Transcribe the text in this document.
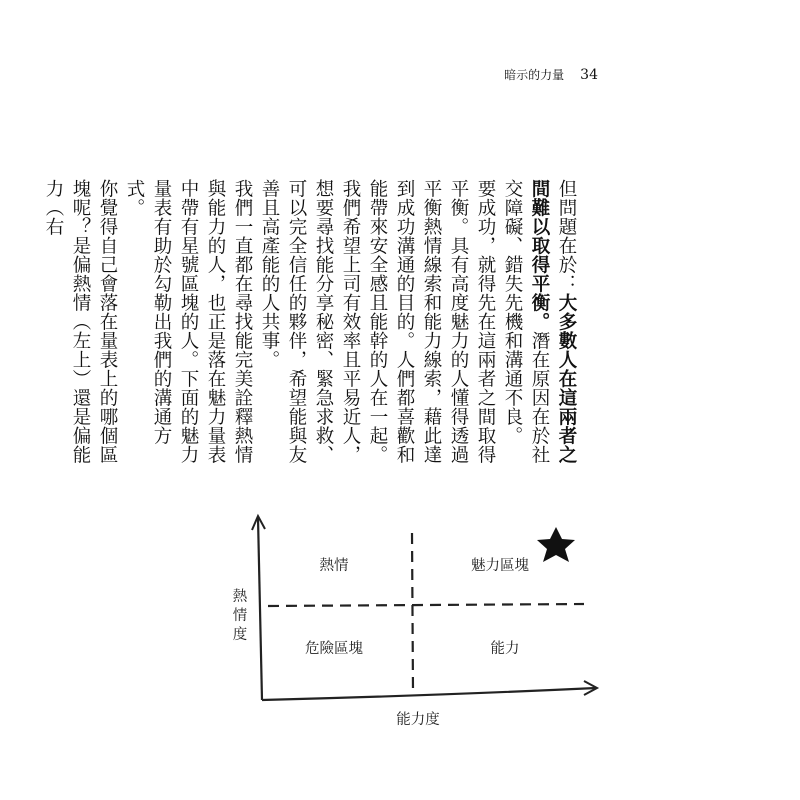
暗示的力量 34

但問題在於：大多數人在這兩者之間難以取得平衡。潛在原因在於社交障礙、錯失先機和溝通不良。

要成功，就得先在這兩者之間取得平衡。具有高度魅力的人懂得透過平衡熱情線索和能力線索，藉此達到成功溝通的目的。人們都喜歡和能帶來安全感且能幹的人在一起。我們希望上司有效率且平易近人，想要尋找能分享秘密、緊急求救、可以完全信任的夥伴，希望能與友善且高產能的人共事。

我們一直都在尋找能完美詮釋熱情與能力的人，也正是落在魅力量表中帶有星號區塊的人。下面的魅力量表有助於勾勒出我們的溝通方式。

你覺得自己會落在量表上的哪個區塊呢？是偏熱情（左上）還是偏能力（右

熱情	魅力區塊
危險區塊	能力
熱
情
度
能力度
